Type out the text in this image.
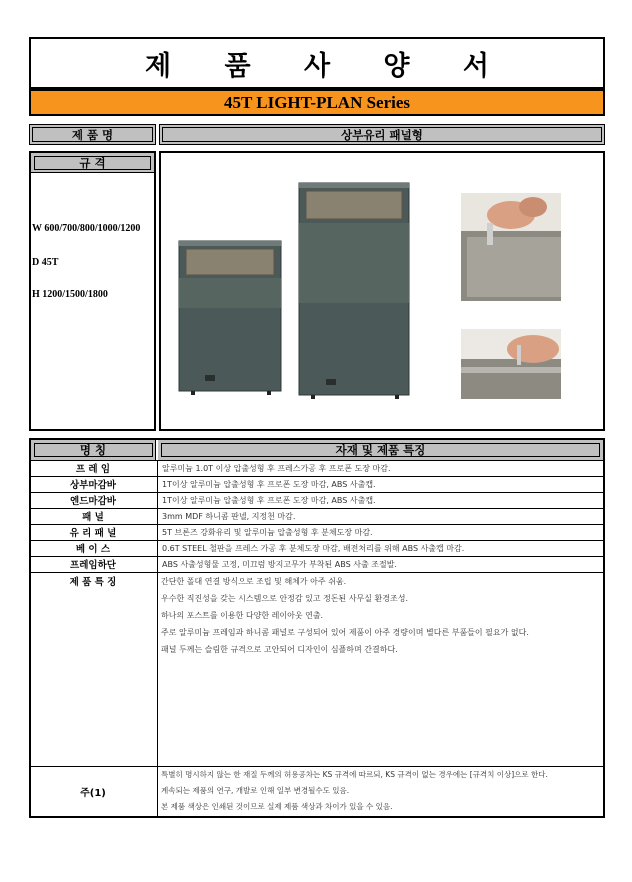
제 품 사 양 서
45T LIGHT-PLAN Series
제 품 명	상부유리 패널형
규 격
W 600/700/800/1000/1200
D 45T
H 1200/1500/1800
명 칭	자재 및 제품 특징
프 레 임	알루미늄 1.0T 이상 압출성형 후 프레스가공 후 프로폰 도장 마감.
상부마감바	1T이상 알루미늄 압출성형 후 프로폰 도장 마감, ABS 사출캡.
엔드마감바	1T이상 알루미늄 압출성형 후 프로폰 도장 마감, ABS 사출캡.
패 널	3mm MDF 하니콤 판넬, 지정천 마감.
유 리 패 널	5T 브론즈 강화유리 및 알루미늄 압출성형 후 분체도장 마감.
베 이 스	0.6T STEEL 철판을 프레스 가공 후 분체도장 마감, 배전처리를 위해 ABS 사출캡 마감.
프레임하단	ABS 사출성형물 고정, 미끄럼 방지고무가 부착된 ABS 사출 조절발.
제 품 특 징	간단한 폴대 연결 방식으로 조립 및 해체가 아주 쉬움.
우수한 직진성을 갖는 시스템으로 안정감 있고 정돈된 사무실 환경조성.
하나의 포스트를 이용한 다양한 레이아웃 연출.
주로 알루미늄 프레임과 하니콤 패널로 구성되어 있어 제품이 아주 경량이며 별다른 부품들이 필요가 없다.
패널 두께는 슬림한 규격으로 고안되어 디자인이 심플하며 간결하다.
주(1)
특별히 명시하지 않는 한 재질 두께의 허용공차는 KS 규격에 따르되, KS 규격이 없는 경우에는 [규격치 이상]으로 한다.
계속되는 제품의 연구, 개발로 인해 일부 변경될수도 있음.
본 제품 색상은 인쇄된 것이므로 실제 제품 색상과 차이가 있을 수 있음.
